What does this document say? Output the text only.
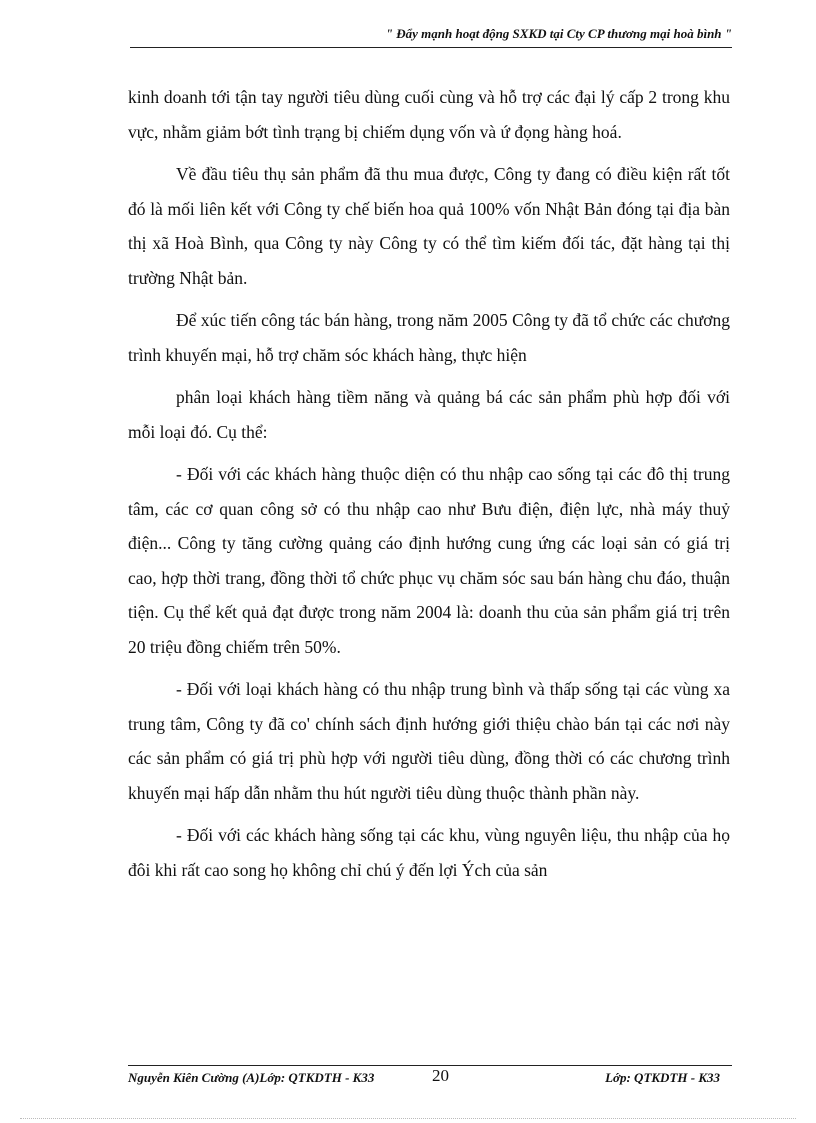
" Đẩy mạnh hoạt động SXKD tại Cty CP thương mại hoà bình "

kinh doanh tới tận tay người tiêu dùng cuối cùng và hỗ trợ các đại lý cấp 2 trong khu vực, nhằm giảm bớt tình trạng bị chiếm dụng vốn và ứ đọng hàng hoá.

Về đầu tiêu thụ sản phẩm đã thu mua được, Công ty đang có điều kiện rất tốt đó là mối liên kết với Công ty chế biến hoa quả 100% vốn Nhật Bản đóng tại địa bàn thị xã Hoà Bình, qua Công ty này Công ty có thể tìm kiếm đối tác, đặt hàng tại thị trường Nhật bản.

Để xúc tiến công tác bán hàng, trong năm 2005 Công ty đã tổ chức các chương trình khuyến mại, hỗ trợ chăm sóc khách hàng, thực hiện

phân loại khách hàng tiềm năng và quảng bá các sản phẩm phù hợp đối với mỗi loại đó. Cụ thể:

- Đối với các khách hàng thuộc diện có thu nhập cao sống tại các đô thị trung tâm, các cơ quan công sở có thu nhập cao như Bưu điện, điện lực, nhà máy thuỷ điện... Công ty tăng cường quảng cáo định hướng cung ứng các loại sản có giá trị cao, hợp thời trang, đồng thời tổ chức phục vụ chăm sóc sau bán hàng chu đáo, thuận tiện. Cụ thể kết quả đạt được trong năm 2004 là: doanh thu của sản phẩm giá trị trên 20 triệu đồng chiếm trên 50%.

- Đối với loại khách hàng có thu nhập trung bình và thấp sống tại các vùng xa trung tâm, Công ty đã co' chính sách định hướng giới thiệu chào bán tại các nơi này các sản phẩm có giá trị phù hợp với người tiêu dùng, đồng thời có các chương trình khuyến mại hấp dẫn nhằm thu hút người tiêu dùng thuộc thành phần này.

- Đối với các khách hàng sống tại các khu, vùng nguyên liệu, thu nhập của họ đôi khi rất cao song họ không chỉ chú ý đến lợi Ých của sản

Nguyễn Kiên Cường (A)Lớp: QTKDTH - K33	20	Lớp: QTKDTH - K33
